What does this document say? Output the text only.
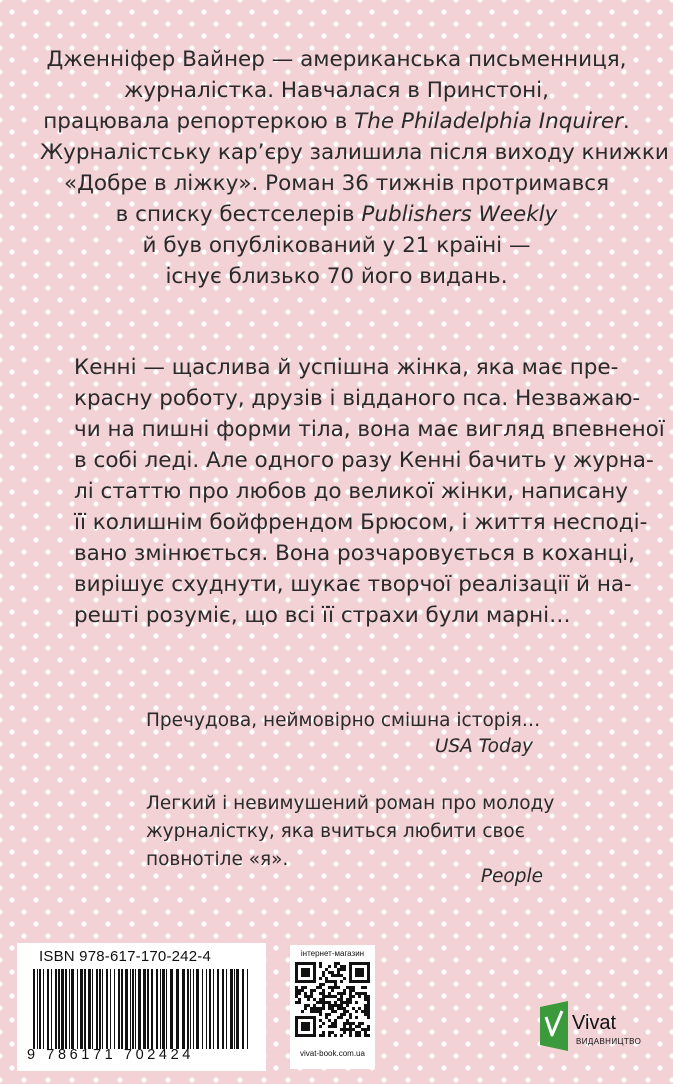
Дженніфер Вайнер — американська письменниця,
журналістка. Навчалася в Принстоні,
працювала репортеркою в The Philadelphia Inquirer.
Журналістську кар’єру залишила після виходу книжки
«Добре в ліжку». Роман 36 тижнів протримався
в списку бестселерів Publishers Weekly
й був опублікований у 21 країні —
існує близько 70 його видань.
Кенні — щаслива й успішна жінка, яка має пре-
красну роботу, друзів і відданого пса. Незважаю-
чи на пишні форми тіла, вона має вигляд впевненої
в собі леді. Але одного разу Кенні бачить у журна-
лі статтю про любов до великої жінки, написану
її колишнім бойфрендом Брюсом, і життя несподі-
вано змінюється. Вона розчаровується в коханці,
вирішує схуднути, шукає творчої реалізації й на-
решті розуміє, що всі її страхи були марні…
Пречудова, неймовірно смішна історія…
USA Today
Легкий і невимушений роман про молоду
журналістку, яка вчиться любити своє
повнотіле «я».
People
ISBN 978-617-170-242-4
9 786171 702424
інтернет-магазин
vivat-book.com.ua
Vivat
ВИДАВНИЦТВО
